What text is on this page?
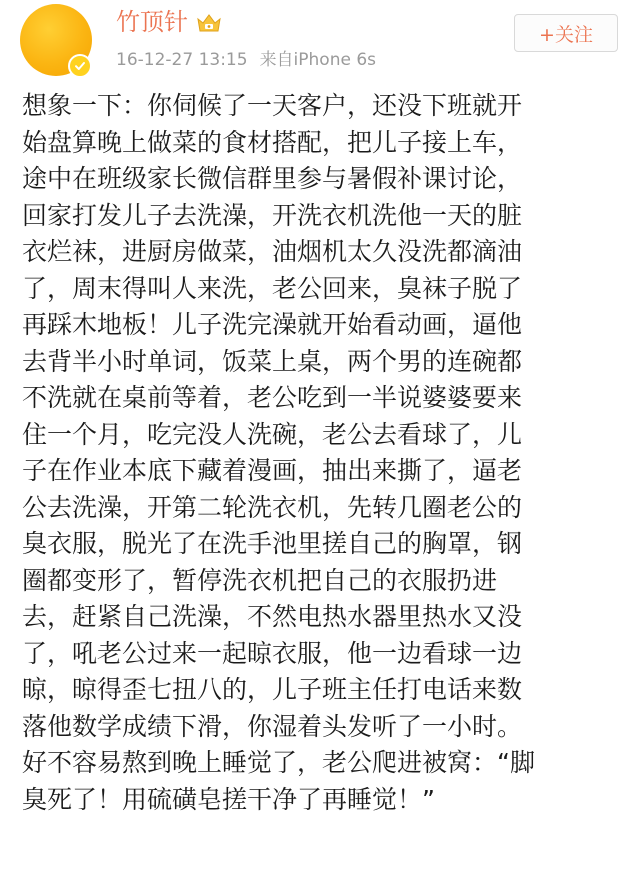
竹顶针
16-12-27 13:15 来自iPhone 6s
+关注
想象一下：你伺候了一天客户，还没下班就开
始盘算晚上做菜的食材搭配，把儿子接上车，
途中在班级家长微信群里参与暑假补课讨论，
回家打发儿子去洗澡，开洗衣机洗他一天的脏
衣烂袜，进厨房做菜，油烟机太久没洗都滴油
了，周末得叫人来洗，老公回来，臭袜子脱了
再踩木地板！儿子洗完澡就开始看动画，逼他
去背半小时单词，饭菜上桌，两个男的连碗都
不洗就在桌前等着，老公吃到一半说婆婆要来
住一个月，吃完没人洗碗，老公去看球了，儿
子在作业本底下藏着漫画，抽出来撕了，逼老
公去洗澡，开第二轮洗衣机，先转几圈老公的
臭衣服，脱光了在洗手池里搓自己的胸罩，钢
圈都变形了，暂停洗衣机把自己的衣服扔进
去，赶紧自己洗澡，不然电热水器里热水又没
了，吼老公过来一起晾衣服，他一边看球一边
晾，晾得歪七扭八的，儿子班主任打电话来数
落他数学成绩下滑，你湿着头发听了一小时。
好不容易熬到晚上睡觉了，老公爬进被窝：“脚
臭死了！用硫磺皂搓干净了再睡觉！”
